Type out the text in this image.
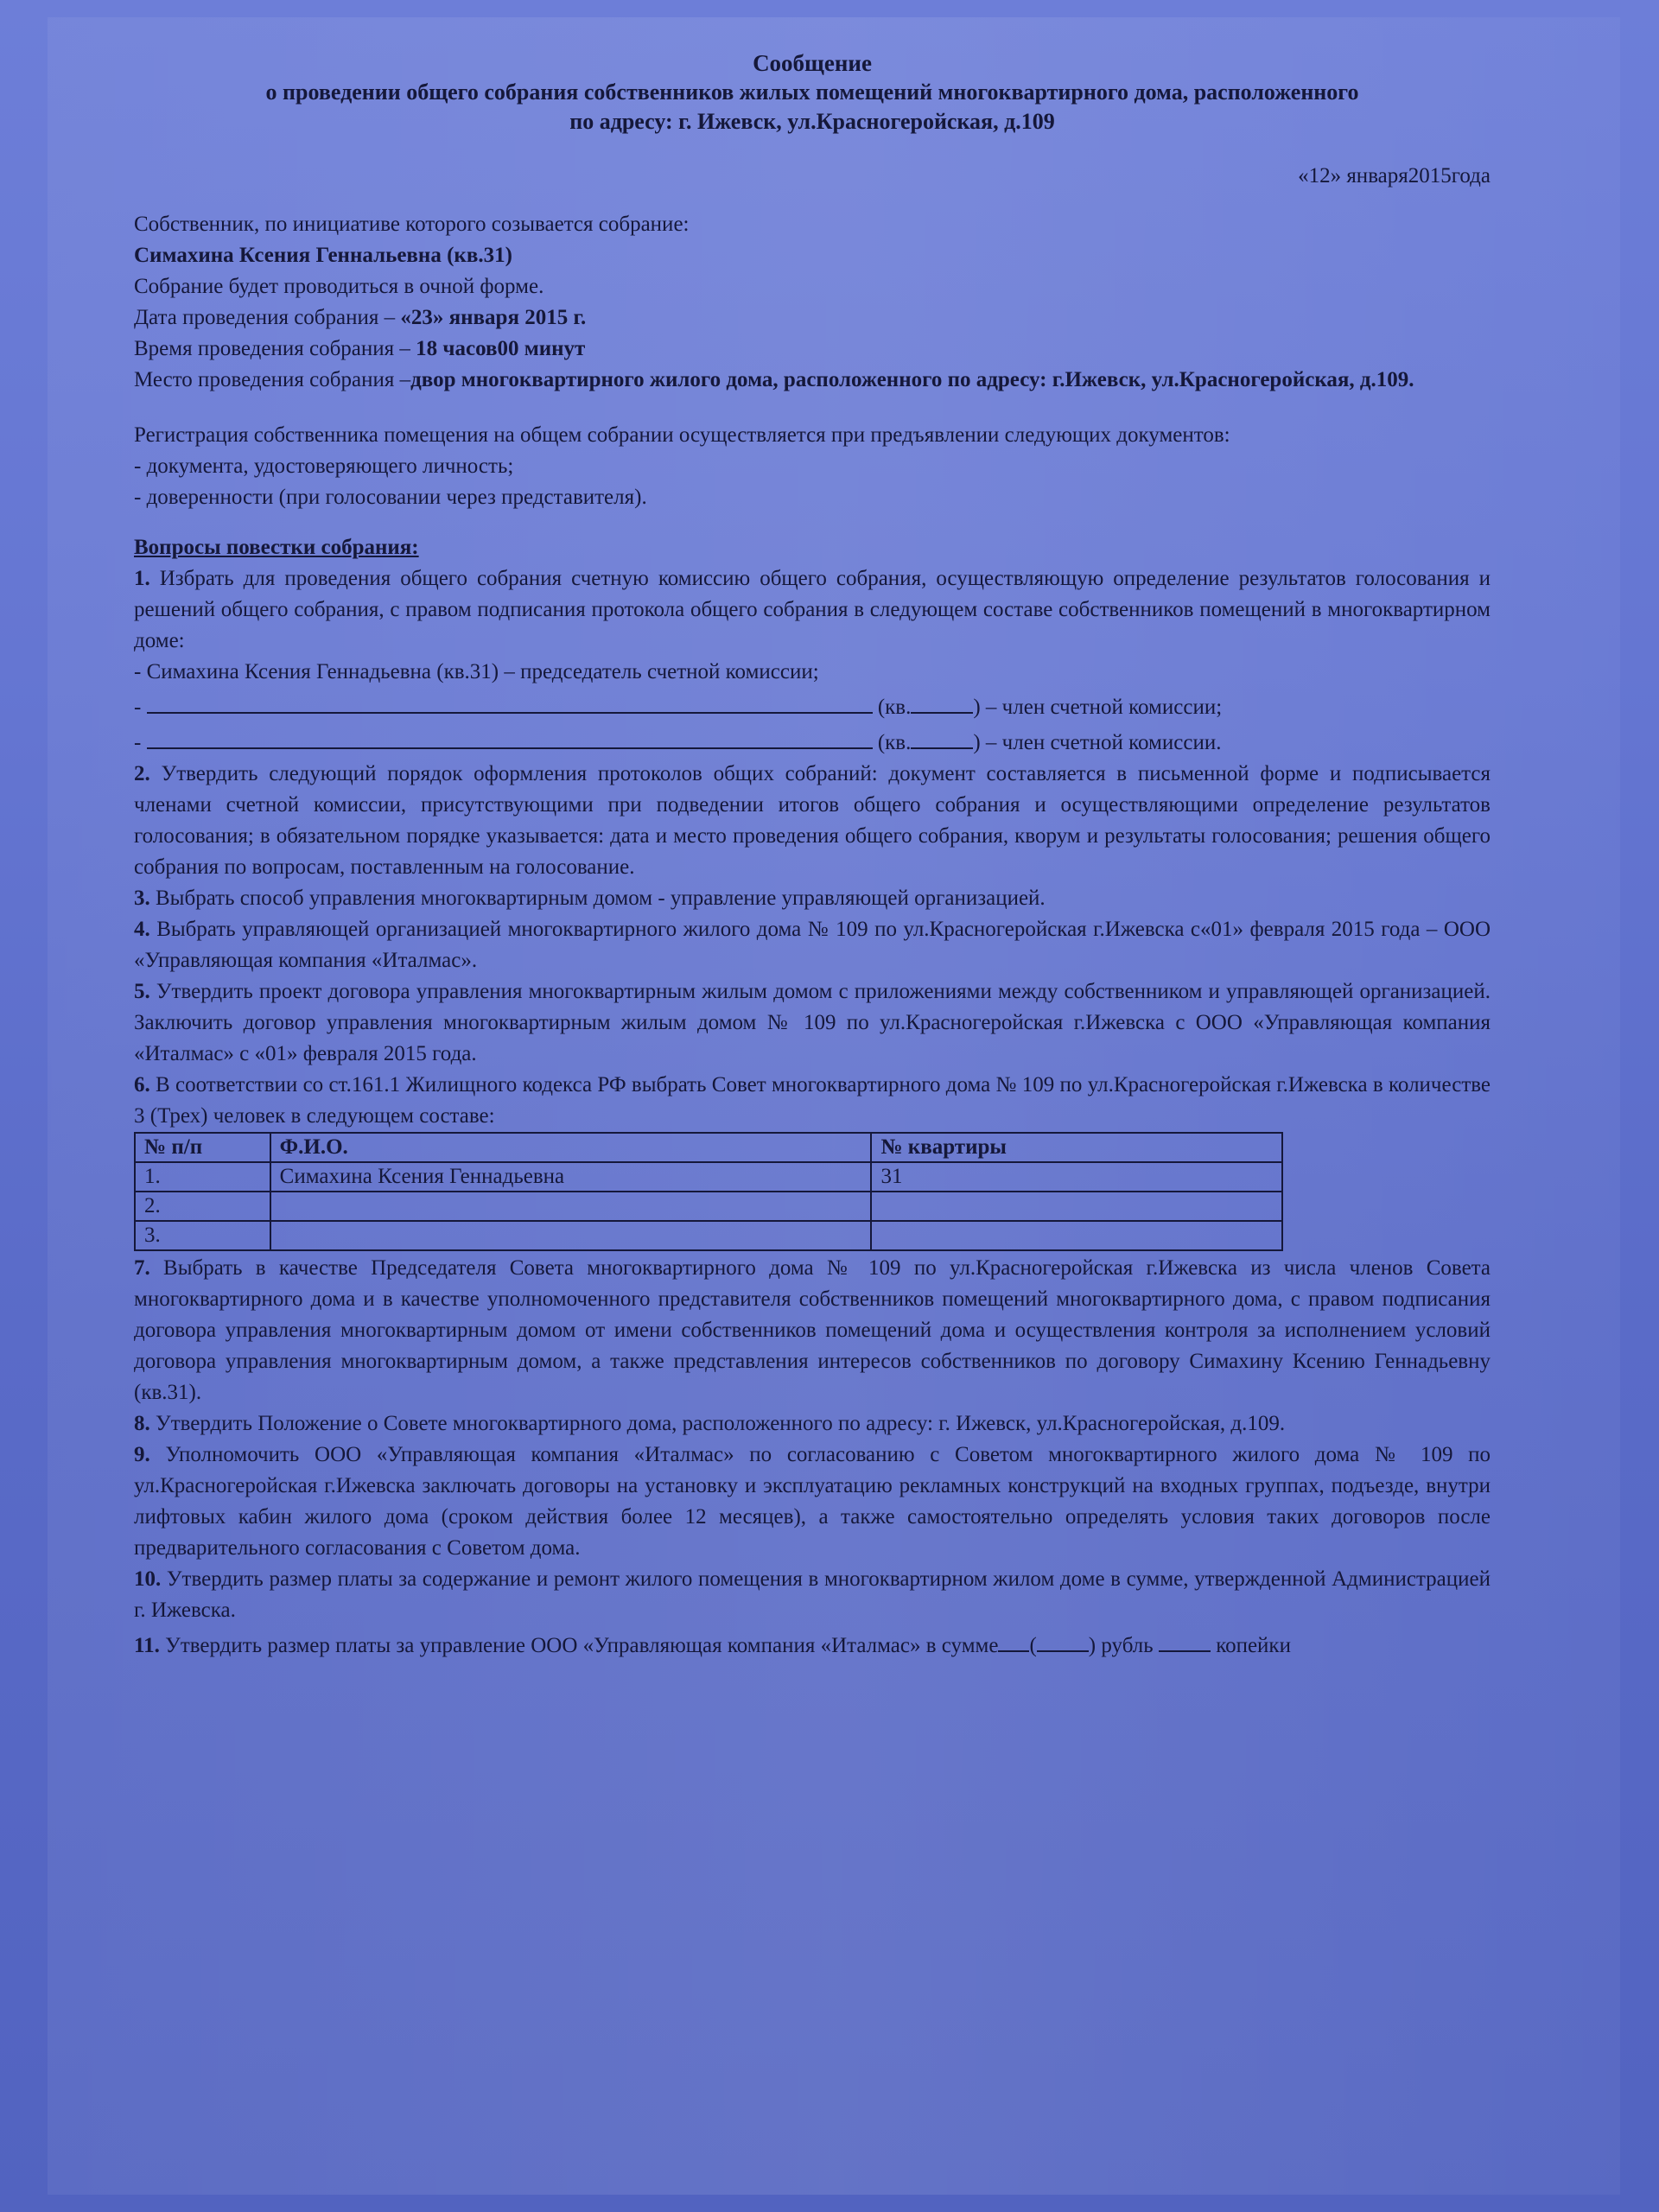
Сообщение
о проведении общего собрания собственников жилых помещений многоквартирного дома, расположенного
по адресу: г. Ижевск, ул.Красногеройская, д.109
«12» января2015года

Собственник, по инициативе которого созывается собрание:

Симахина Ксения Геннальевна (кв.31)

Собрание будет проводиться в очной форме.

Дата проведения собрания – «23» января 2015 г.

Время проведения собрания – 18 часов00 минут

Место проведения собрания –двор многоквартирного жилого дома, расположенного по адресу: г.Ижевск, ул.Красногеройская, д.109.

Регистрация собственника помещения на общем собрании осуществляется при предъявлении следующих документов:

- документа, удостоверяющего личность;

- доверенности (при голосовании через представителя).

Вопросы повестки собрания:

1. Избрать для проведения общего собрания счетную комиссию общего собрания, осуществляющую определение результатов голосования и решений общего собрания, с правом подписания протокола общего собрания в следующем составе собственников помещений в многоквартирном доме:

- Симахина Ксения Геннадьевна (кв.31) – председатель счетной комиссии;

-	(кв.	) – член счетной комиссии;

-	(кв.	) – член счетной комиссии.

2. Утвердить следующий порядок оформления протоколов общих собраний: документ составляется в письменной форме и подписывается членами счетной комиссии, присутствующими при подведении итогов общего собрания и осуществляющими определение результатов голосования; в обязательном порядке указывается: дата и место проведения общего собрания, кворум и результаты голосования; решения общего собрания по вопросам, поставленным на голосование.

3. Выбрать способ управления многоквартирным домом - управление управляющей организацией.

4. Выбрать управляющей организацией многоквартирного жилого дома № 109 по ул.Красногеройская г.Ижевска с«01» февраля 2015 года – ООО «Управляющая компания «Италмас».

5. Утвердить проект договора управления многоквартирным жилым домом с приложениями между собственником и управляющей организацией. Заключить договор управления многоквартирным жилым домом № 109 по ул.Красногеройская г.Ижевска с ООО «Управляющая компания «Италмас» с «01» февраля 2015 года.

6. В соответствии со ст.161.1 Жилищного кодекса РФ выбрать Совет многоквартирного дома № 109 по ул.Красногеройская г.Ижевска в количестве 3 (Трех) человек в следующем составе:

№ п/п	Ф.И.О.	№ квартиры
1.	Симахина Ксения Геннадьевна	31
2.		
3.		

7. Выбрать в качестве Председателя Совета многоквартирного дома № 109 по ул.Красногеройская г.Ижевска из числа членов Совета многоквартирного дома и в качестве уполномоченного представителя собственников помещений многоквартирного дома, с правом подписания договора управления многоквартирным домом от имени собственников помещений дома и осуществления контроля за исполнением условий договора управления многоквартирным домом, а также представления интересов собственников по договору Симахину Ксению Геннадьевну (кв.31).

8. Утвердить Положение о Совете многоквартирного дома, расположенного по адресу: г. Ижевск, ул.Красногеройская, д.109.

9. Уполномочить ООО «Управляющая компания «Италмас» по согласованию с Советом многоквартирного жилого дома № 109 по ул.Красногеройская г.Ижевска заключать договоры на установку и эксплуатацию рекламных конструкций на входных группах, подъезде, внутри лифтовых кабин жилого дома (сроком действия более 12 месяцев), а также самостоятельно определять условия таких договоров после предварительного согласования с Советом дома.

10. Утвердить размер платы за содержание и ремонт жилого помещения в многоквартирном жилом доме в сумме, утвержденной Администрацией г. Ижевска.

11. Утвердить размер платы за управление ООО «Управляющая компания «Италмас» в сумме ( ) рубль	копейки
